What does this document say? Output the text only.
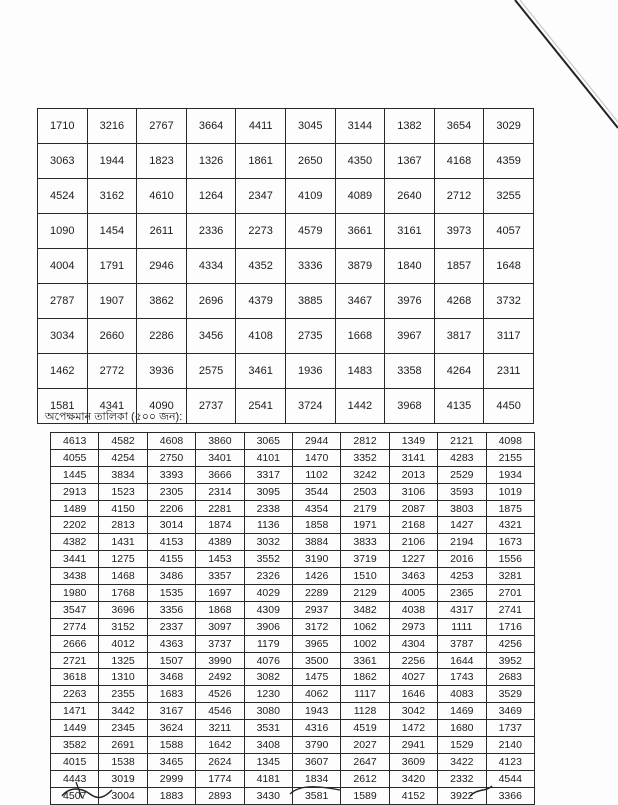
1710	3216	2767	3664	4411	3045	3144	1382	3654	3029
3063	1944	1823	1326	1861	2650	4350	1367	4168	4359
4524	3162	4610	1264	2347	4109	4089	2640	2712	3255
1090	1454	2611	2336	2273	4579	3661	3161	3973	4057
4004	1791	2946	4334	4352	3336	3879	1840	1857	1648
2787	1907	3862	2696	4379	3885	3467	3976	4268	3732
3034	2660	2286	3456	4108	2735	1668	3967	3817	3117
1462	2772	3936	2575	3461	1936	1483	3358	4264	2311
1581	4341	4090	2737	2541	3724	1442	3968	4135	4450
অপেক্ষমান তালিকা (৫০০ জন):
4613	4582	4608	3860	3065	2944	2812	1349	2121	4098
4055	4254	2750	3401	4101	1470	3352	3141	4283	2155
1445	3834	3393	3666	3317	1102	3242	2013	2529	1934
2913	1523	2305	2314	3095	3544	2503	3106	3593	1019
1489	4150	2206	2281	2338	4354	2179	2087	3803	1875
2202	2813	3014	1874	1136	1858	1971	2168	1427	4321
4382	1431	4153	4389	3032	3884	3833	2106	2194	1673
3441	1275	4155	1453	3552	3190	3719	1227	2016	1556
3438	1468	3486	3357	2326	1426	1510	3463	4253	3281
1980	1768	1535	1697	4029	2289	2129	4005	2365	2701
3547	3696	3356	1868	4309	2937	3482	4038	4317	2741
2774	3152	2337	3097	3906	3172	1062	2973	1111	1716
2666	4012	4363	3737	1179	3965	1002	4304	3787	4256
2721	1325	1507	3990	4076	3500	3361	2256	1644	3952
3618	1310	3468	2492	3082	1475	1862	4027	1743	2683
2263	2355	1683	4526	1230	4062	1117	1646	4083	3529
1471	3442	3167	4546	3080	1943	1128	3042	1469	3469
1449	2345	3624	3211	3531	4316	4519	1472	1680	1737
3582	2691	1588	1642	3408	3790	2027	2941	1529	2140
4015	1538	3465	2624	1345	3607	2647	3609	3422	4123
4443	3019	2999	1774	4181	1834	2612	3420	2332	4544
4507	3004	1883	2893	3430	3581	1589	4152	3922	3366
